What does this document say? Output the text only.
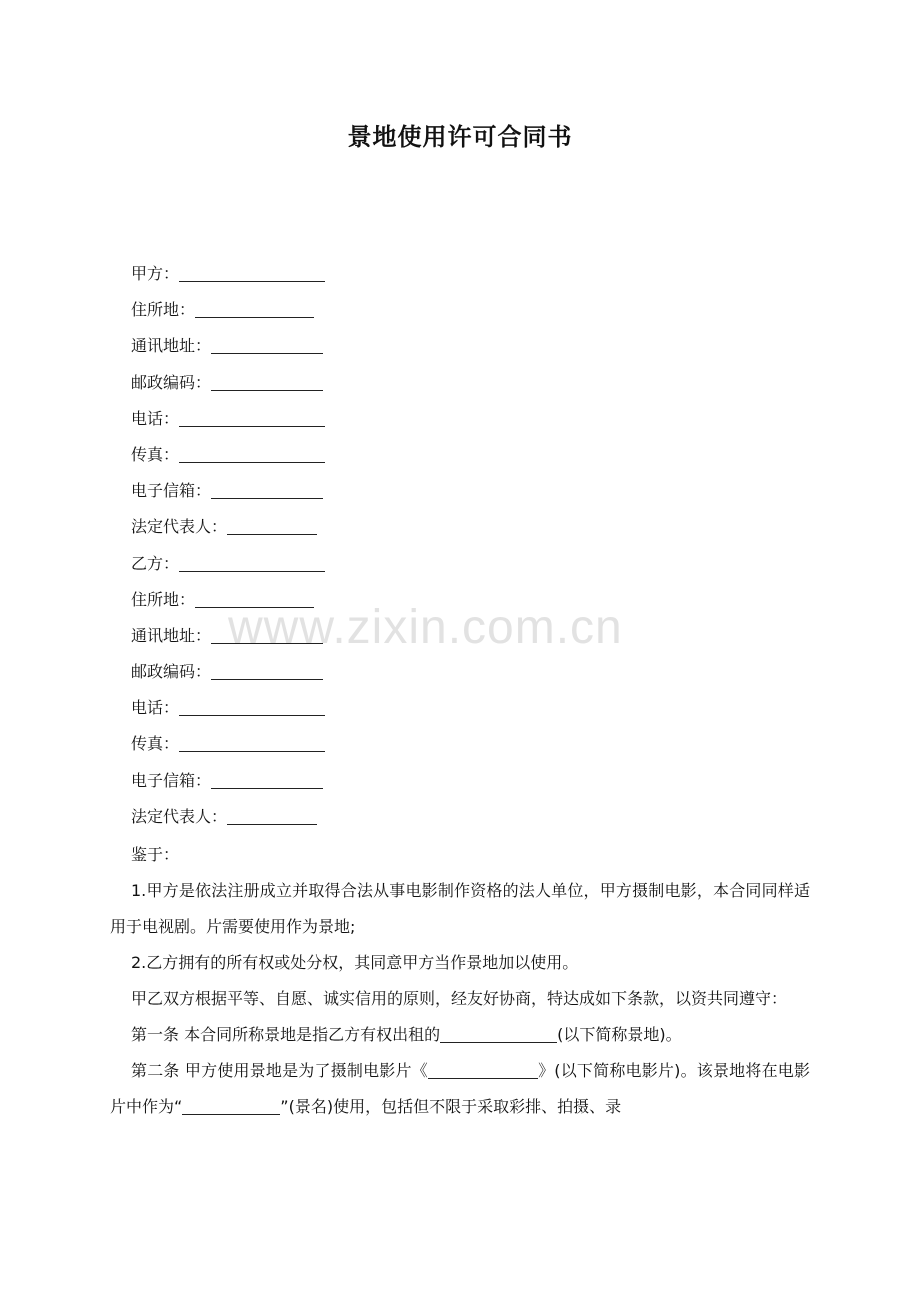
景地使用许可合同书
甲方：
住所地：
通讯地址：
邮政编码：
电话：
传真：
电子信箱：
法定代表人：
乙方：
住所地：
通讯地址：
邮政编码：
电话：
传真：
电子信箱：
法定代表人：

鉴于：

1.甲方是依法注册成立并取得合法从事电影制作资格的法人单位，甲方摄制电影，本合同同样适用于电视剧。片需要使用作为景地;

2.乙方拥有的所有权或处分权，其同意甲方当作景地加以使用。

甲乙双方根据平等、自愿、诚实信用的原则，经友好协商，特达成如下条款，以资共同遵守：

第一条 本合同所称景地是指乙方有权出租的	(以下简称景地)。

第二条 甲方使用景地是为了摄制电影片《	》(以下简称电影片)。该景地将在电影片中作为“	”(景名)使用，包括但不限于采取彩排、拍摄、录

www.zixin.com.cn
